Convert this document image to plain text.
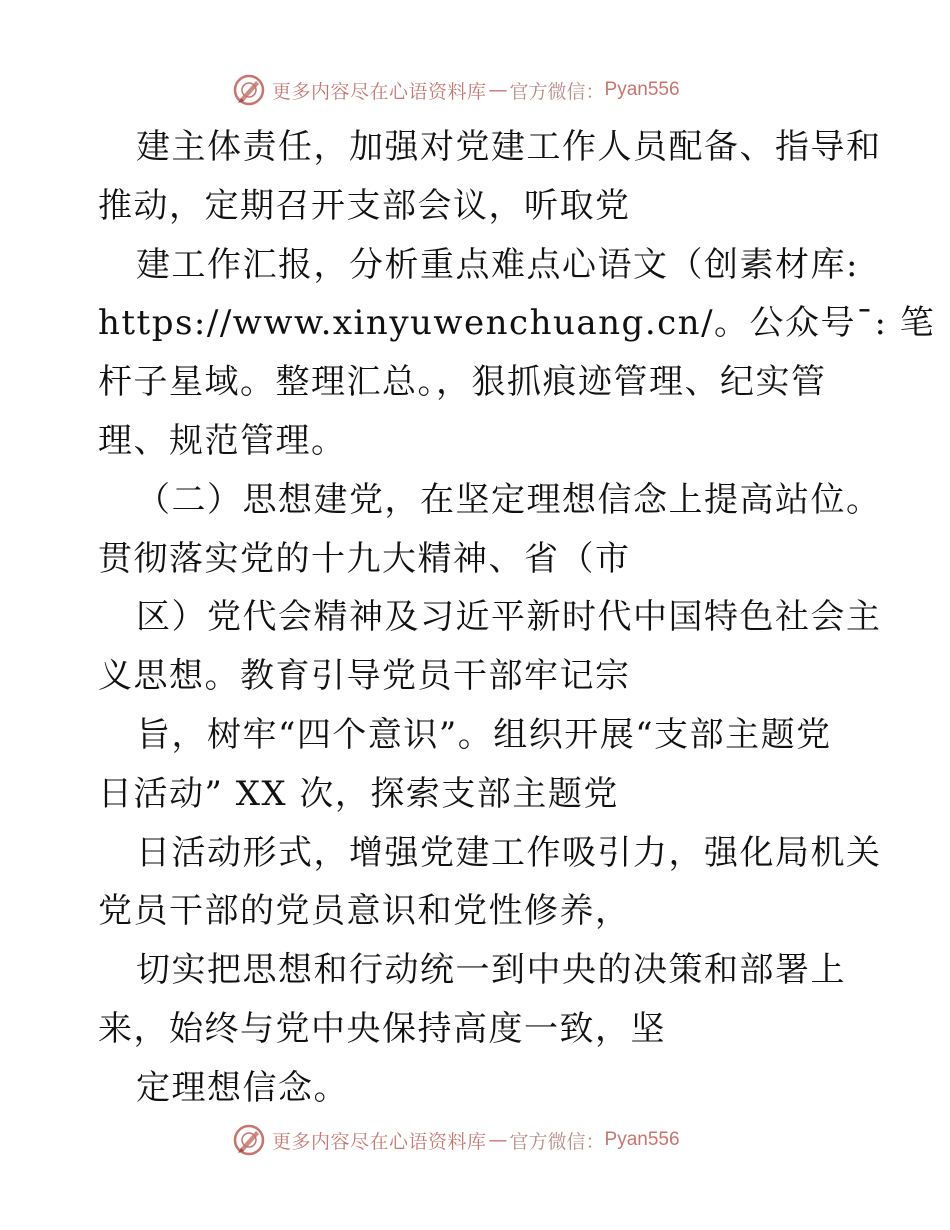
更多内容尽在心语资料库 — 官方微信： Pyan556
建主体责任，加强对党建工作人员配备、指导和
推动，定期召开支部会议，听取党
建工作汇报，分析重点难点心语文（创素材库:
https://www.xinyuwenchuang.cn/。公众号¯: 笔
杆子星域。整理汇总。，狠抓痕迹管理、纪实管
理、规范管理。
（二）思想建党，在坚定理想信念上提高站位。
贯彻落实党的十九大精神、省（市
区）党代会精神及习近平新时代中国特色社会主
义思想。教育引导党员干部牢记宗
旨，树牢“四个意识”。组织开展“支部主题党
日活动” XX 次，探索支部主题党
日活动形式，增强党建工作吸引力，强化局机关
党员干部的党员意识和党性修养，
切实把思想和行动统一到中央的决策和部署上
来，始终与党中央保持高度一致，坚
定理想信念。
更多内容尽在心语资料库 — 官方微信： Pyan556
